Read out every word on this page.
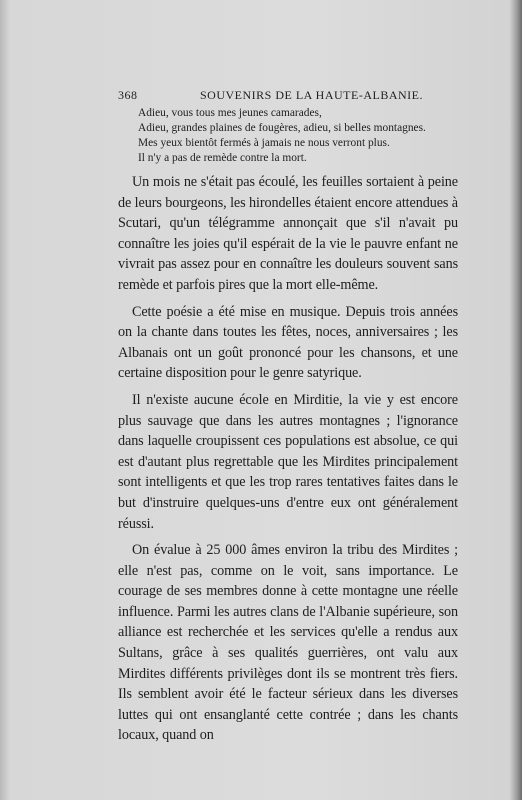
368	SOUVENIRS DE LA HAUTE-ALBANIE.
Adieu, vous tous mes jeunes camarades,
Adieu, grandes plaines de fougères, adieu, si belles montagnes.
Mes yeux bientôt fermés à jamais ne nous verront plus.
Il n'y a pas de remède contre la mort.

Un mois ne s'était pas écoulé, les feuilles sortaient à peine de leurs bourgeons, les hirondelles étaient encore attendues à Scutari, qu'un télégramme annonçait que s'il n'avait pu connaître les joies qu'il espérait de la vie le pauvre enfant ne vivrait pas assez pour en connaître les douleurs souvent sans remède et parfois pires que la mort elle-même.

Cette poésie a été mise en musique. Depuis trois années on la chante dans toutes les fêtes, noces, anniversaires ; les Albanais ont un goût prononcé pour les chansons, et une certaine disposition pour le genre satyrique.

Il n'existe aucune école en Mirditie, la vie y est encore plus sauvage que dans les autres montagnes ; l'ignorance dans laquelle croupissent ces populations est absolue, ce qui est d'autant plus regrettable que les Mirdites principalement sont intelligents et que les trop rares tentatives faites dans le but d'instruire quelques-uns d'entre eux ont généralement réussi.

On évalue à 25 000 âmes environ la tribu des Mirdites ; elle n'est pas, comme on le voit, sans importance. Le courage de ses membres donne à cette montagne une réelle influence. Parmi les autres clans de l'Albanie supérieure, son alliance est recherchée et les services qu'elle a rendus aux Sultans, grâce à ses qualités guerrières, ont valu aux Mirdites différents privilèges dont ils se montrent très fiers. Ils semblent avoir été le facteur sérieux dans les diverses luttes qui ont ensanglanté cette contrée ; dans les chants locaux, quand on
